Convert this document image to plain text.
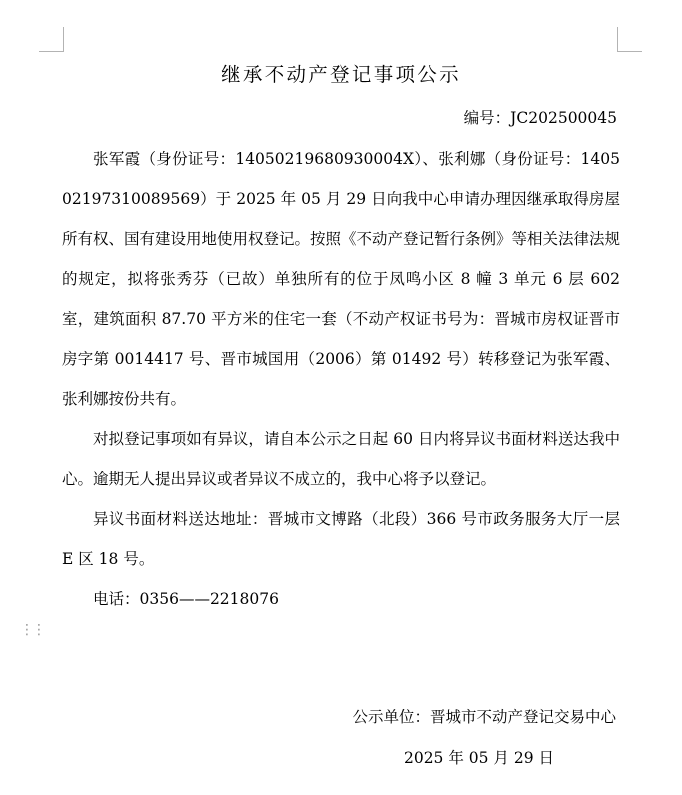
继承不动产登记事项公示
编号：JC202500045

张军霞（身份证号：14050219680930004X）、张利娜（身份证号：140502197310089569）于 2025 年 05 月 29 日向我中心申请办理因继承取得房屋所有权、国有建设用地使用权登记。按照《不动产登记暂行条例》等相关法律法规的规定，拟将张秀芬（已故）单独所有的位于凤鸣小区 8 幢 3 单元 6 层 602 室，建筑面积 87.70 平方米的住宅一套（不动产权证书号为：晋城市房权证晋市房字第 0014417 号、晋市城国用（2006）第 01492 号）转移登记为张军霞、张利娜按份共有。

对拟登记事项如有异议，请自本公示之日起 60 日内将异议书面材料送达我中心。逾期无人提出异议或者异议不成立的，我中心将予以登记。

异议书面材料送达地址：晋城市文博路（北段）366 号市政务服务大厅一层 E 区 18 号。

电话：0356——2218076

⋮⋮
公示单位：晋城市不动产登记交易中心
2025 年 05 月 29 日
